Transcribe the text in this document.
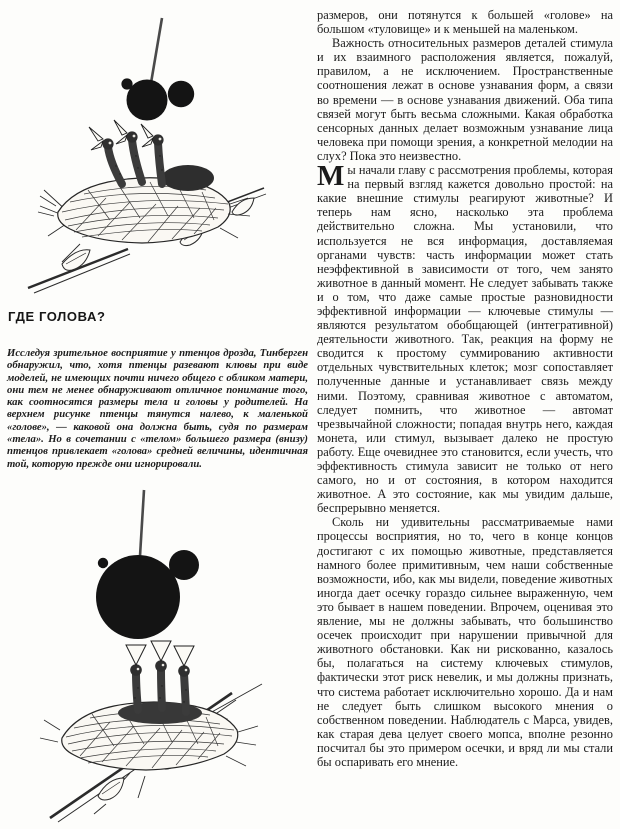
ГДЕ ГОЛОВА?
Исследуя зрительное восприятие у птенцов дрозда, Тинберген обнаружил, что, хотя птенцы разевают клювы при виде моделей, не имеющих почти ничего общего с обликом матери, они тем не менее обнаруживают отличное понимание того, как соотносятся размеры тела и головы у родителей. На верхнем рисунке птенцы тянутся налево, к маленькой «голове», — каковой она должна быть, судя по размерам «тела». Но в сочетании с «телом» большего размера (внизу) птенцов привлекает «голова» средней величины, идентичная той, которую прежде они игнорировали.

размеров, они потянутся к большей «голове» на большом «туловище» и к меньшей на маленьком.

Важность относительных размеров деталей стимула и их взаимного расположения является, пожалуй, правилом, а не исключением. Пространственные соотношения лежат в основе узнавания форм, а связи во времени — в основе узнавания движений. Оба типа связей могут быть весьма сложными. Какая обработка сенсорных данных делает возможным узнавание лица человека при помощи зрения, а конкретной мелодии на слух? Пока это неизвестно.

Мы начали главу с рассмотрения проблемы, которая на первый взгляд кажется довольно простой: на какие внешние стимулы реагируют животные? И теперь нам ясно, насколько эта проблема действительно сложна. Мы установили, что используется не вся информация, доставляемая органами чувств: часть информации может стать неэффективной в зависимости от того, чем занято животное в данный момент. Не следует забывать также и о том, что даже самые простые разновидности эффективной информации — ключевые стимулы — являются результатом обобщающей (интегративной) деятельности животного. Так, реакция на форму не сводится к простому суммированию активности отдельных чувствительных клеток; мозг сопоставляет полученные данные и устанавливает связь между ними. Поэтому, сравнивая животное с автоматом, следует помнить, что животное — автомат чрезвычайной сложности; попадая внутрь него, каждая монета, или стимул, вызывает далеко не простую работу. Еще очевиднее это становится, если учесть, что эффективность стимула зависит не только от него самого, но и от состояния, в котором находится животное. А это состояние, как мы увидим дальше, беспрерывно меняется.

Сколь ни удивительны рассматриваемые нами процессы восприятия, но то, чего в конце концов достигают с их помощью животные, представляется намного более примитивным, чем наши собственные возможности, ибо, как мы видели, поведение животных иногда дает осечку гораздо сильнее выраженную, чем это бывает в нашем поведении. Впрочем, оценивая это явление, мы не должны забывать, что большинство осечек происходит при нарушении привычной для животного обстановки. Как ни рискованно, казалось бы, полагаться на систему ключевых стимулов, фактически этот риск невелик, и мы должны признать, что система работает исключительно хорошо. Да и нам не следует быть слишком высокого мнения о собственном поведении. Наблюдатель с Марса, увидев, как старая дева целует своего мопса, вполне резонно посчитал бы это примером осечки, и вряд ли мы стали бы оспаривать его мнение.
